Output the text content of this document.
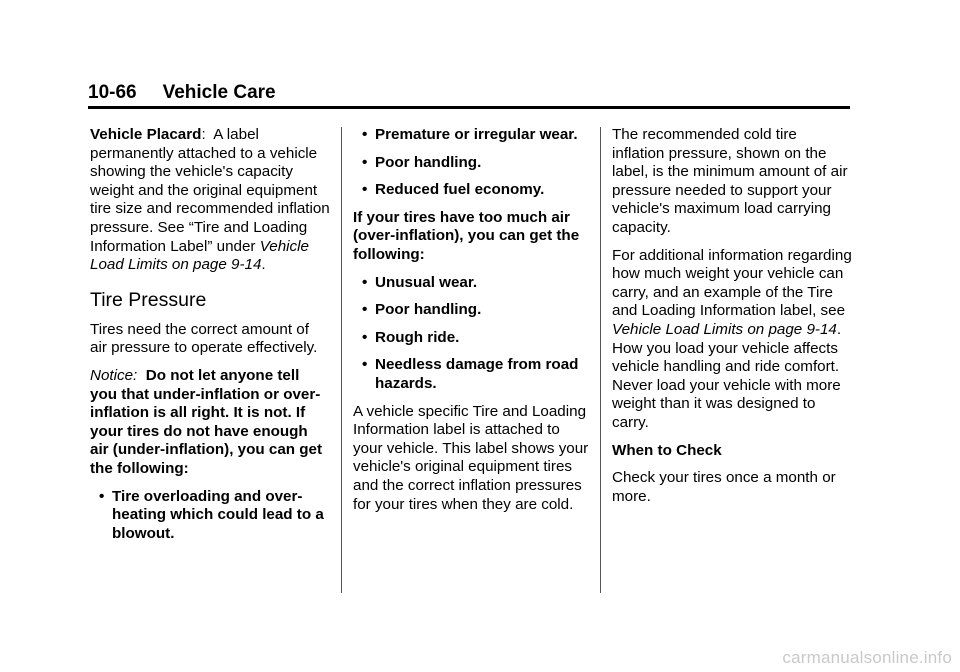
10-66 Vehicle Care

Vehicle Placard: A label permanently attached to a vehicle showing the vehicle's capacity weight and the original equipment tire size and recommended inflation pressure. See “Tire and Loading Information Label” under Vehicle Load Limits on page 9-14.

Tire Pressure

Tires need the correct amount of air pressure to operate effectively.

Notice: Do not let anyone tell you that under-inflation or over-inflation is all right. It is not. If your tires do not have enough air (under-inflation), you can get the following:

• Tire overloading and over-heating which could lead to a blowout.
• Premature or irregular wear.
• Poor handling.
• Reduced fuel economy.

If your tires have too much air (over-inflation), you can get the following:

• Unusual wear.
• Poor handling.
• Rough ride.
• Needless damage from road hazards.

A vehicle specific Tire and Loading Information label is attached to your vehicle. This label shows your vehicle's original equipment tires and the correct inflation pressures for your tires when they are cold.

The recommended cold tire inflation pressure, shown on the label, is the minimum amount of air pressure needed to support your vehicle's maximum load carrying capacity.

For additional information regarding how much weight your vehicle can carry, and an example of the Tire and Loading Information label, see Vehicle Load Limits on page 9-14.

How you load your vehicle affects vehicle handling and ride comfort. Never load your vehicle with more weight than it was designed to carry.

When to Check

Check your tires once a month or more.

carmanualsonline.info
